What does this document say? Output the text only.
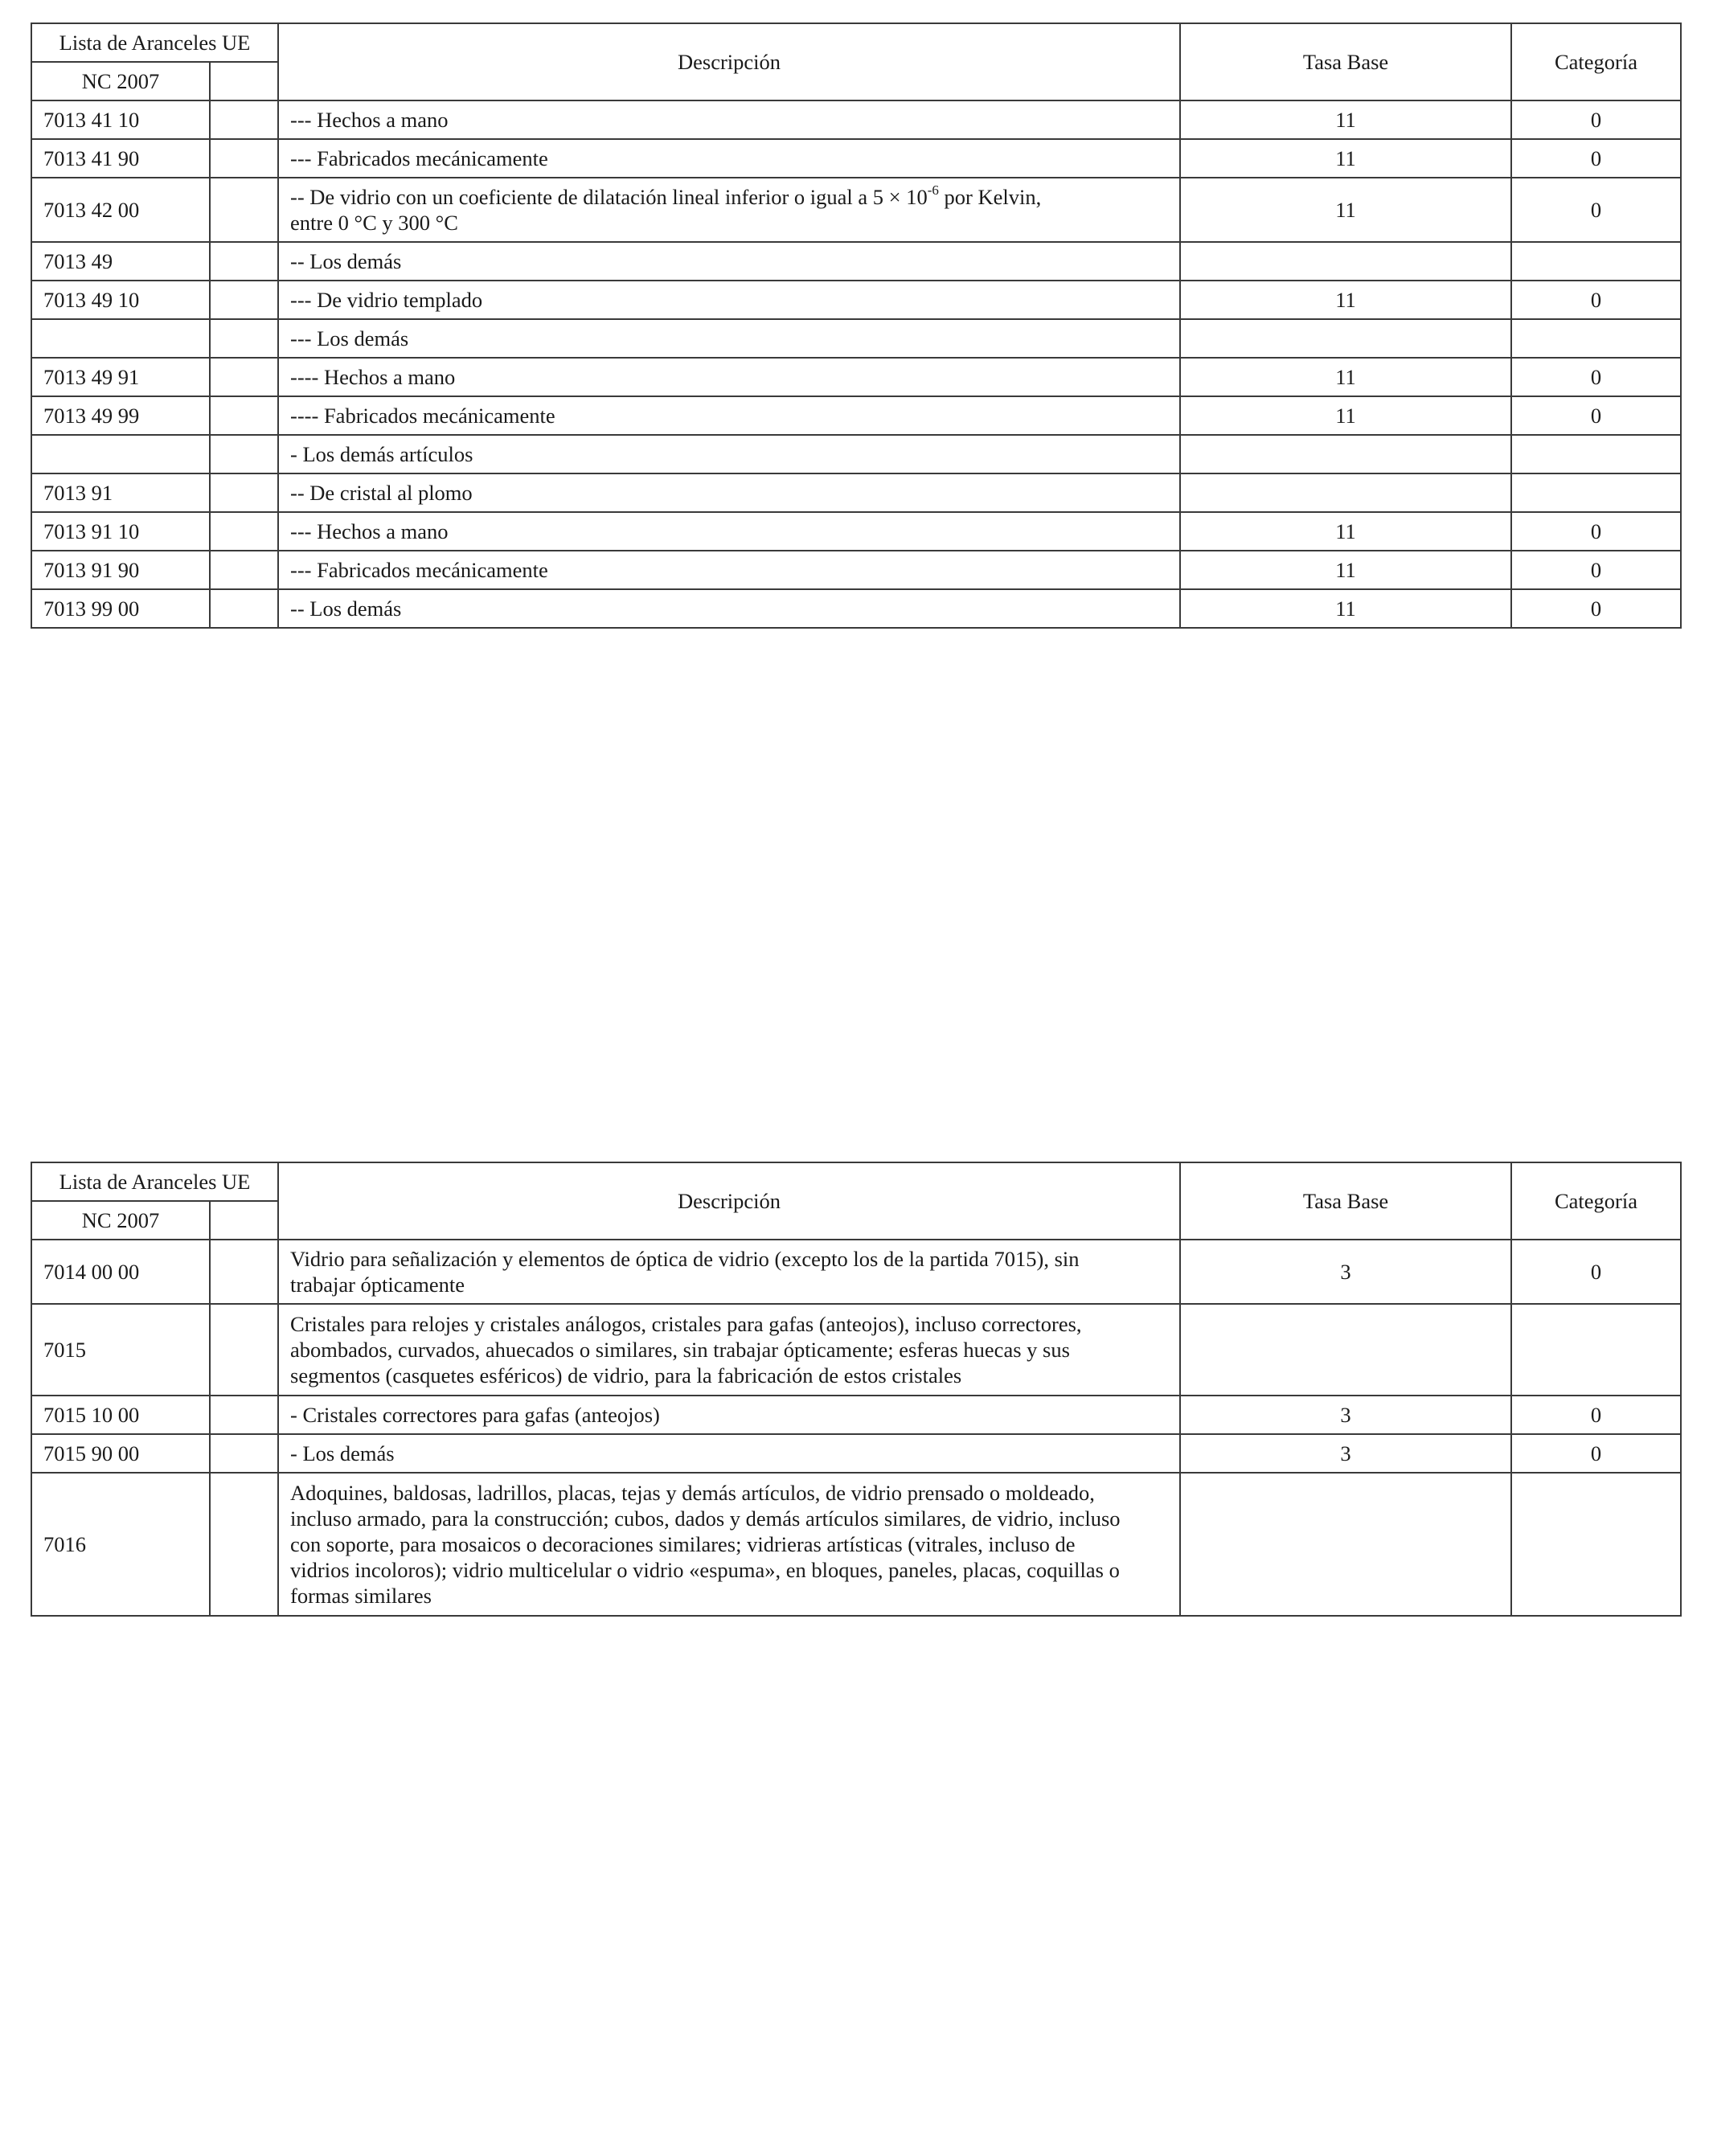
Lista de Aranceles UE		Descripción	Tasa Base	Categoría
NC 2007				
7013 41 10		--- Hechos a mano	11	0
7013 41 90		--- Fabricados mecánicamente	11	0
7013 42 00		-- De vidrio con un coeficiente de dilatación lineal inferior o igual a $5 \times 10^{-6}$ por Kelvin,
entre 0 °C y 300 °C	11	0
7013 49		-- Los demás		
7013 49 10		--- De vidrio templado	11	0
		--- Los demás		
7013 49 91		---- Hechos a mano	11	0
7013 49 99		---- Fabricados mecánicamente	11	0
		- Los demás artículos		
7013 91		-- De cristal al plomo		
7013 91 10		--- Hechos a mano	11	0
7013 91 90		--- Fabricados mecánicamente	11	0
7013 99 00		-- Los demás	11	0
Lista de Aranceles UE		Descripción	Tasa Base	Categoría
NC 2007				
7014 00 00		Vidrio para señalización y elementos de óptica de vidrio (excepto los de la partida 7015), sin
trabajar ópticamente	3	0
7015		Cristales para relojes y cristales análogos, cristales para gafas (anteojos), incluso correctores,
abombados, curvados, ahuecados o similares, sin trabajar ópticamente; esferas huecas y sus
segmentos (casquetes esféricos) de vidrio, para la fabricación de estos cristales		
7015 10 00		- Cristales correctores para gafas (anteojos)	3	0
7015 90 00		- Los demás	3	0
7016		Adoquines, baldosas, ladrillos, placas, tejas y demás artículos, de vidrio prensado o moldeado,
incluso armado, para la construcción; cubos, dados y demás artículos similares, de vidrio, incluso
con soporte, para mosaicos o decoraciones similares; vidrieras artísticas (vitrales, incluso de
vidrios incoloros); vidrio multicelular o vidrio «espuma», en bloques, paneles, placas, coquillas o
formas similares		
